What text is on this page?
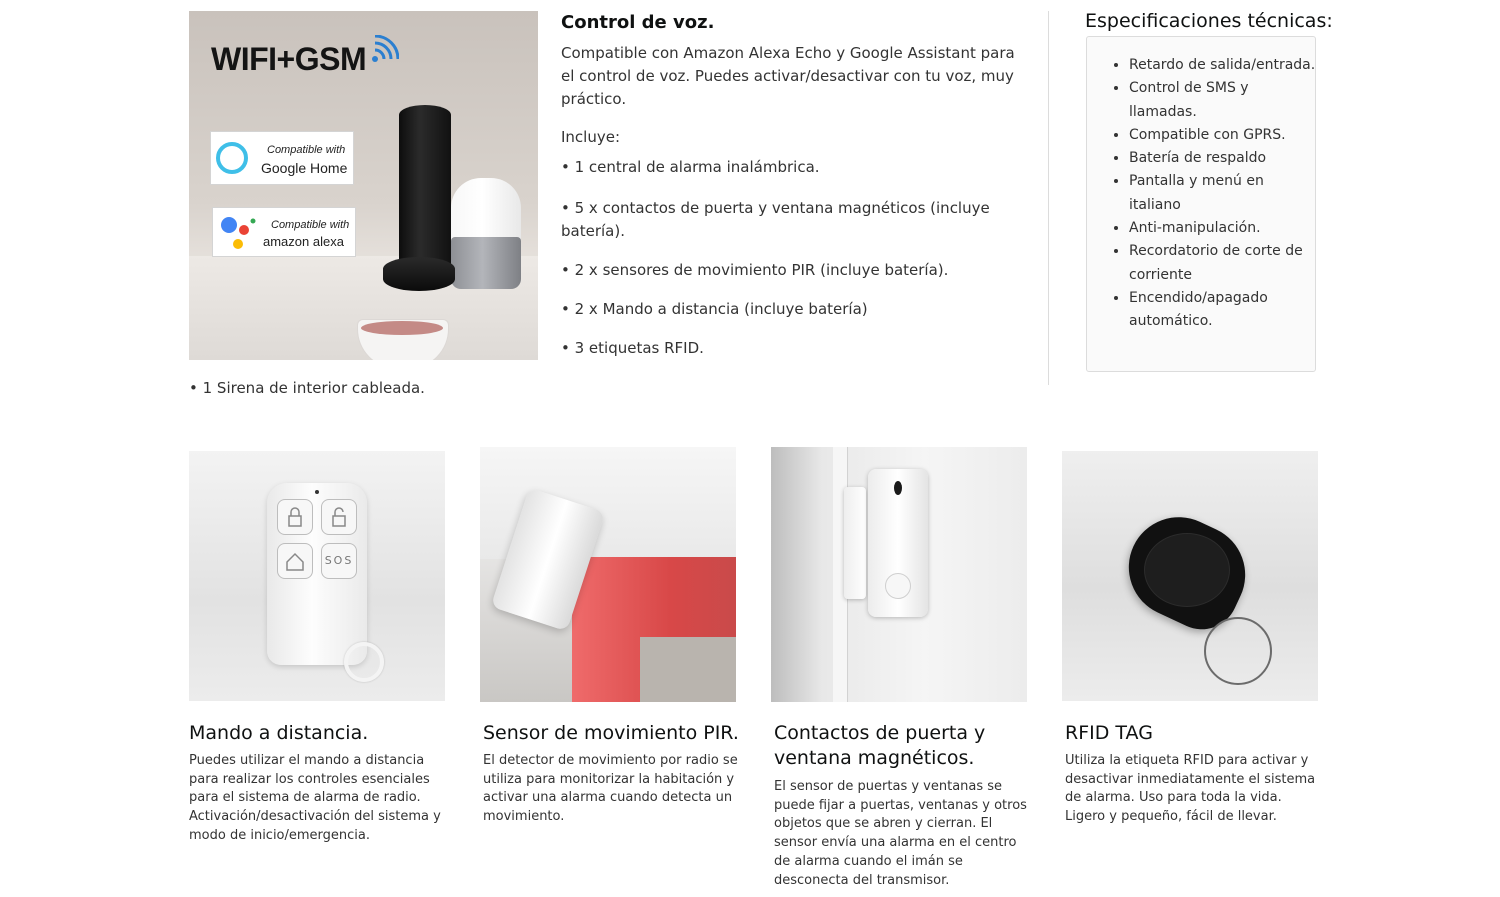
WIFI+GSM
Compatible with
Google Home
Compatible with
amazon alexa
Control de voz.
Compatible con Amazon Alexa Echo y Google Assistant para el control de voz. Puedes activar/desactivar con tu voz, muy práctico.
Incluye:
• 1 central de alarma inalámbrica.
• 5 x contactos de puerta y ventana magnéticos (incluye batería).
• 2 x sensores de movimiento PIR (incluye batería).
• 2 x Mando a distancia (incluye batería)
• 3 etiquetas RFID.
• 1 Sirena de interior cableada.
Especificaciones técnicas:
• Retardo de salida/entrada.
• Control de SMS y llamadas.
• Compatible con GPRS.
• Batería de respaldo
• Pantalla y menú en italiano
• Anti-manipulación.
• Recordatorio de corte de corriente
• Encendido/apagado automático.
SOS
Mando a distancia.
Puedes utilizar el mando a distancia para realizar los controles esenciales para el sistema de alarma de radio. Activación/desactivación del sistema y modo de inicio/emergencia.
Sensor de movimiento PIR.
El detector de movimiento por radio se utiliza para monitorizar la habitación y activar una alarma cuando detecta un movimiento.
Contactos de puerta y ventana magnéticos.
El sensor de puertas y ventanas se puede fijar a puertas, ventanas y otros objetos que se abren y cierran. El sensor envía una alarma en el centro de alarma cuando el imán se desconecta del transmisor.
RFID TAG
Utiliza la etiqueta RFID para activar y desactivar inmediatamente el sistema de alarma. Uso para toda la vida. Ligero y pequeño, fácil de llevar.
